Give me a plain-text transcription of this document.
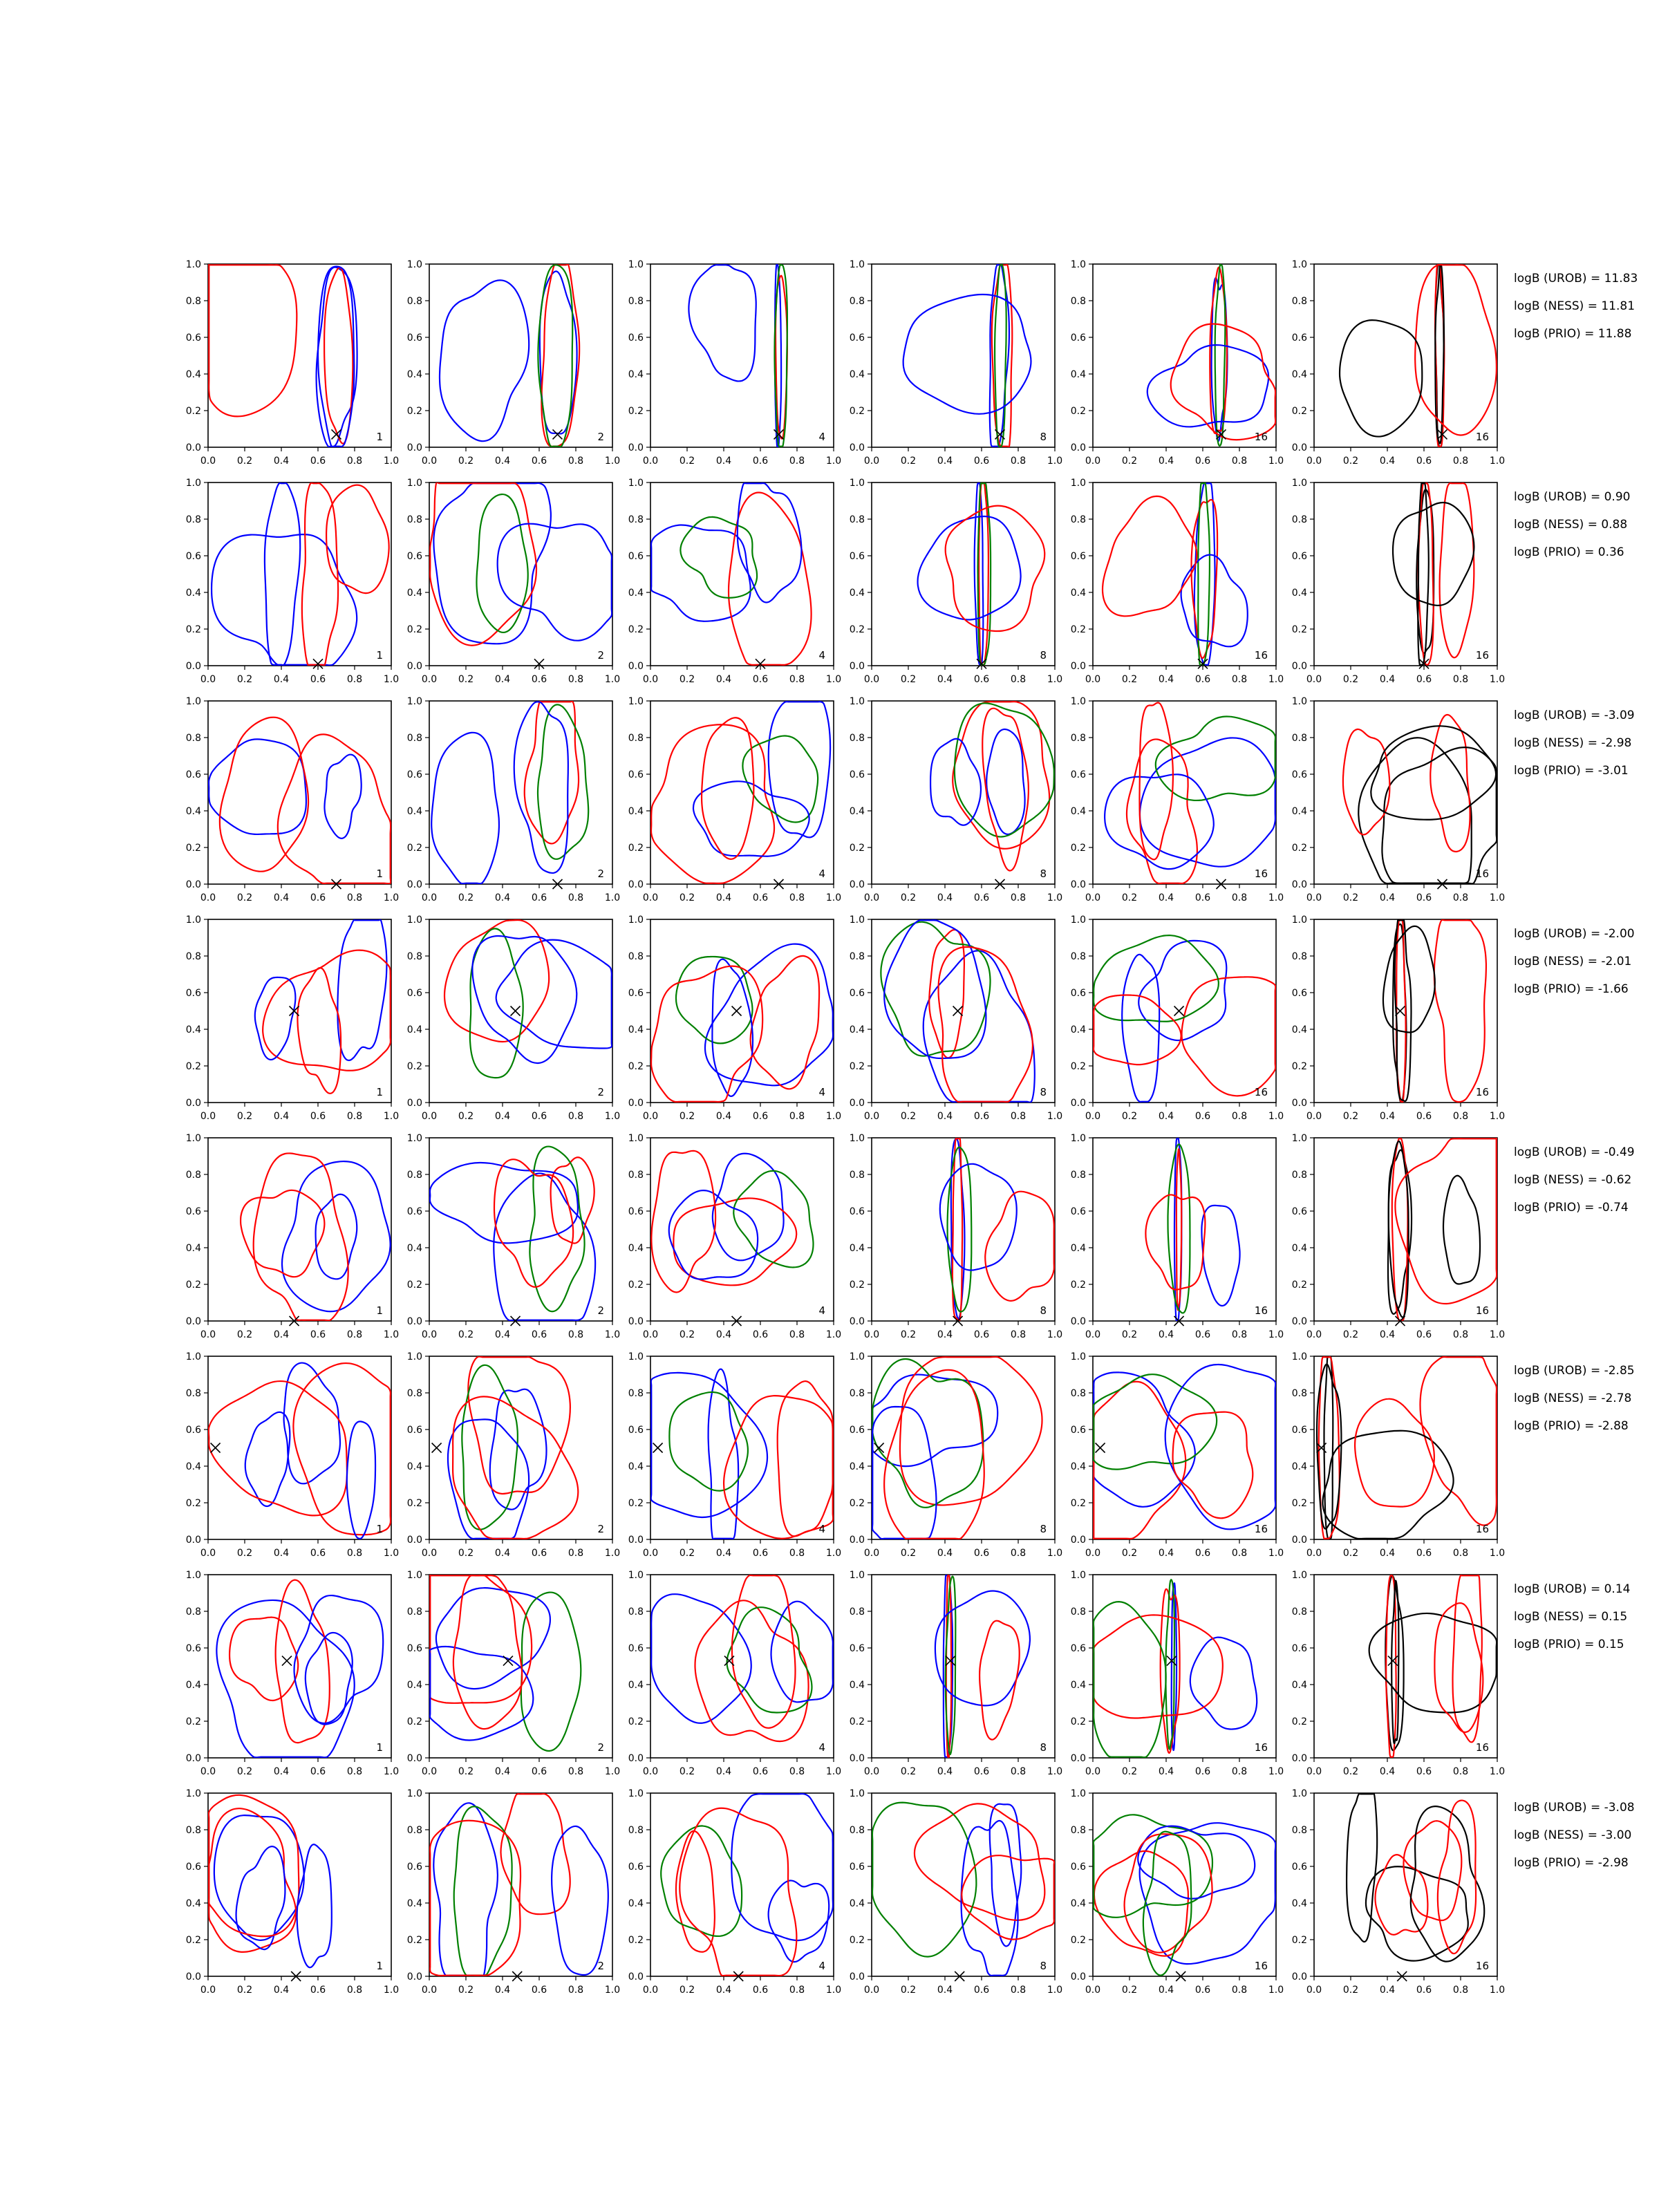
0.0 0.2 0.4 0.6 0.8 1.0
0.0
0.2
0.4
0.6
0.8
1.0
1
0.0 0.2 0.4 0.6 0.8 1.0
0.0
0.2
0.4
0.6
0.8
1.0
2
0.0 0.2 0.4 0.6 0.8 1.0
0.0
0.2
0.4
0.6
0.8
1.0
4
0.0 0.2 0.4 0.6 0.8 1.0
0.0
0.2
0.4
0.6
0.8
1.0
8
0.0 0.2 0.4 0.6 0.8 1.0
0.0
0.2
0.4
0.6
0.8
1.0
16
0.0 0.2 0.4 0.6 0.8 1.0
0.0
0.2
0.4
0.6
0.8
1.0
16
logB (UROB) = 11.83
logB (NESS) = 11.81
logB (PRIO) = 11.88
0.0 0.2 0.4 0.6 0.8 1.0
0.0
0.2
0.4
0.6
0.8
1.0
1
0.0 0.2 0.4 0.6 0.8 1.0
0.0
0.2
0.4
0.6
0.8
1.0
2
0.0 0.2 0.4 0.6 0.8 1.0
0.0
0.2
0.4
0.6
0.8
1.0
4
0.0 0.2 0.4 0.6 0.8 1.0
0.0
0.2
0.4
0.6
0.8
1.0
8
0.0 0.2 0.4 0.6 0.8 1.0
0.0
0.2
0.4
0.6
0.8
1.0
16
0.0 0.2 0.4 0.6 0.8 1.0
0.0
0.2
0.4
0.6
0.8
1.0
16
logB (UROB) = 0.90
logB (NESS) = 0.88
logB (PRIO) = 0.36
0.0 0.2 0.4 0.6 0.8 1.0
0.0
0.2
0.4
0.6
0.8
1.0
1
0.0 0.2 0.4 0.6 0.8 1.0
0.0
0.2
0.4
0.6
0.8
1.0
2
0.0 0.2 0.4 0.6 0.8 1.0
0.0
0.2
0.4
0.6
0.8
1.0
4
0.0 0.2 0.4 0.6 0.8 1.0
0.0
0.2
0.4
0.6
0.8
1.0
8
0.0 0.2 0.4 0.6 0.8 1.0
0.0
0.2
0.4
0.6
0.8
1.0
16
0.0 0.2 0.4 0.6 0.8 1.0
0.0
0.2
0.4
0.6
0.8
1.0
16
logB (UROB) = -3.09
logB (NESS) = -2.98
logB (PRIO) = -3.01
0.0 0.2 0.4 0.6 0.8 1.0
0.0
0.2
0.4
0.6
0.8
1.0
1
0.0 0.2 0.4 0.6 0.8 1.0
0.0
0.2
0.4
0.6
0.8
1.0
2
0.0 0.2 0.4 0.6 0.8 1.0
0.0
0.2
0.4
0.6
0.8
1.0
4
0.0 0.2 0.4 0.6 0.8 1.0
0.0
0.2
0.4
0.6
0.8
1.0
8
0.0 0.2 0.4 0.6 0.8 1.0
0.0
0.2
0.4
0.6
0.8
1.0
16
0.0 0.2 0.4 0.6 0.8 1.0
0.0
0.2
0.4
0.6
0.8
1.0
16
logB (UROB) = -2.00
logB (NESS) = -2.01
logB (PRIO) = -1.66
0.0 0.2 0.4 0.6 0.8 1.0
0.0
0.2
0.4
0.6
0.8
1.0
1
0.0 0.2 0.4 0.6 0.8 1.0
0.0
0.2
0.4
0.6
0.8
1.0
2
0.0 0.2 0.4 0.6 0.8 1.0
0.0
0.2
0.4
0.6
0.8
1.0
4
0.0 0.2 0.4 0.6 0.8 1.0
0.0
0.2
0.4
0.6
0.8
1.0
8
0.0 0.2 0.4 0.6 0.8 1.0
0.0
0.2
0.4
0.6
0.8
1.0
16
0.0 0.2 0.4 0.6 0.8 1.0
0.0
0.2
0.4
0.6
0.8
1.0
16
logB (UROB) = -0.49
logB (NESS) = -0.62
logB (PRIO) = -0.74
0.0 0.2 0.4 0.6 0.8 1.0
0.0
0.2
0.4
0.6
0.8
1.0
1
0.0 0.2 0.4 0.6 0.8 1.0
0.0
0.2
0.4
0.6
0.8
1.0
2
0.0 0.2 0.4 0.6 0.8 1.0
0.0
0.2
0.4
0.6
0.8
1.0
4
0.0 0.2 0.4 0.6 0.8 1.0
0.0
0.2
0.4
0.6
0.8
1.0
8
0.0 0.2 0.4 0.6 0.8 1.0
0.0
0.2
0.4
0.6
0.8
1.0
16
0.0 0.2 0.4 0.6 0.8 1.0
0.0
0.2
0.4
0.6
0.8
1.0
16
logB (UROB) = -2.85
logB (NESS) = -2.78
logB (PRIO) = -2.88
0.0 0.2 0.4 0.6 0.8 1.0
0.0
0.2
0.4
0.6
0.8
1.0
1
0.0 0.2 0.4 0.6 0.8 1.0
0.0
0.2
0.4
0.6
0.8
1.0
2
0.0 0.2 0.4 0.6 0.8 1.0
0.0
0.2
0.4
0.6
0.8
1.0
4
0.0 0.2 0.4 0.6 0.8 1.0
0.0
0.2
0.4
0.6
0.8
1.0
8
0.0 0.2 0.4 0.6 0.8 1.0
0.0
0.2
0.4
0.6
0.8
1.0
16
0.0 0.2 0.4 0.6 0.8 1.0
0.0
0.2
0.4
0.6
0.8
1.0
16
logB (UROB) = 0.14
logB (NESS) = 0.15
logB (PRIO) = 0.15
0.0 0.2 0.4 0.6 0.8 1.0
0.0
0.2
0.4
0.6
0.8
1.0
1
0.0 0.2 0.4 0.6 0.8 1.0
0.0
0.2
0.4
0.6
0.8
1.0
2
0.0 0.2 0.4 0.6 0.8 1.0
0.0
0.2
0.4
0.6
0.8
1.0
4
0.0 0.2 0.4 0.6 0.8 1.0
0.0
0.2
0.4
0.6
0.8
1.0
8
0.0 0.2 0.4 0.6 0.8 1.0
0.0
0.2
0.4
0.6
0.8
1.0
16
0.0 0.2 0.4 0.6 0.8 1.0
0.0
0.2
0.4
0.6
0.8
1.0
16
logB (UROB) = -3.08
logB (NESS) = -3.00
logB (PRIO) = -2.98
